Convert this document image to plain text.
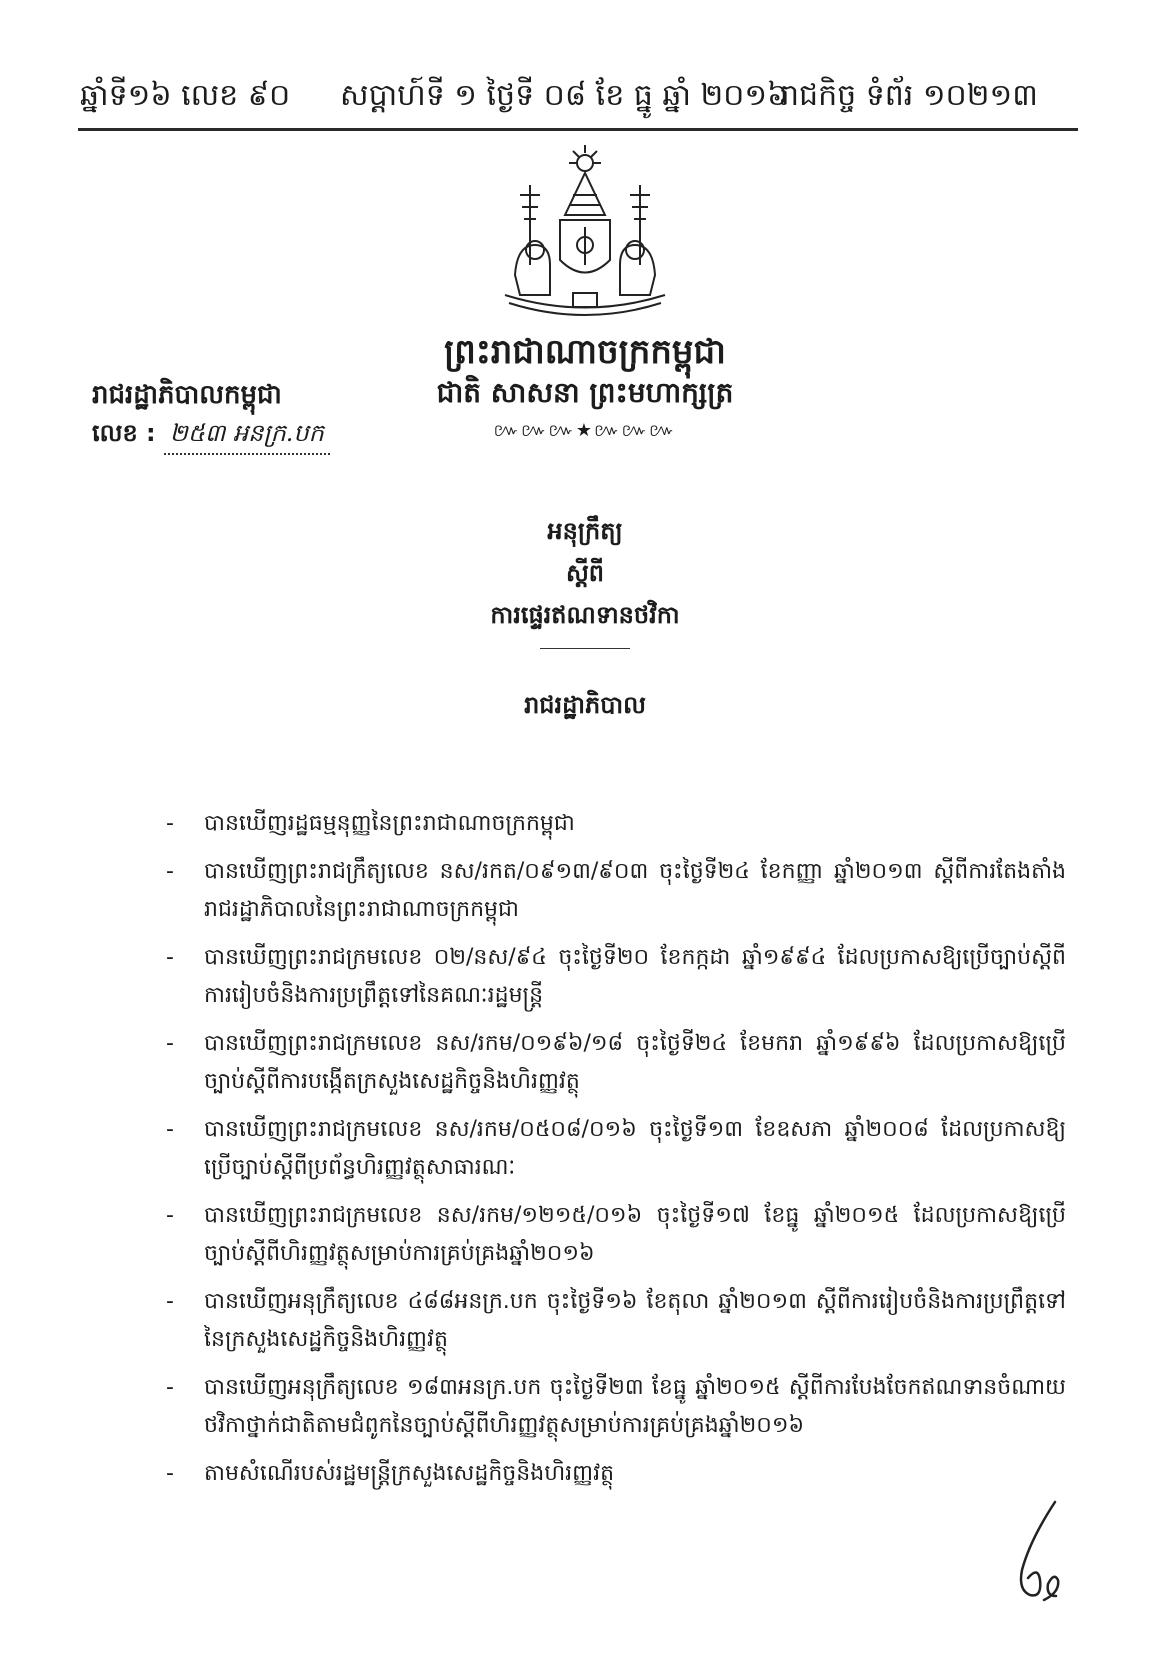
ឆ្នាំទី១៦ លេខ ៩០ សប្តាហ៍ទី ១ ថ្ងៃទី ០៨ ខែ ធ្នូ ឆ្នាំ ២០១៦
រាជកិច្ច ទំព័រ ១០២១៣
ព្រះរាជាណាចក្រកម្ពុជា
ជាតិ សាសនា ព្រះមហាក្សត្រ
៚៚៚★៚៚៚
រាជរដ្ឋាភិបាលកម្ពុជា
លេខ : ២៥៣ អនក្រ.បក
អនុក្រឹត្យ
ស្តីពី
ការផ្ទេរឥណទានថវិកា
រាជរដ្ឋាភិបាល
- បានឃើញរដ្ឋធម្មនុញ្ញនៃព្រះរាជាណាចក្រកម្ពុជា
- បានឃើញព្រះរាជក្រឹត្យលេខ នស/រកត/០៩១៣/៩០៣ ចុះថ្ងៃទី២៤ ខែកញ្ញា ឆ្នាំ២០១៣ ស្តីពីការតែងតាំងរាជរដ្ឋាភិបាលនៃព្រះរាជាណាចក្រកម្ពុជា
- បានឃើញព្រះរាជក្រមលេខ ០២/នស/៩៤ ចុះថ្ងៃទី២០ ខែកក្កដា ឆ្នាំ១៩៩៤ ដែលប្រកាសឱ្យប្រើច្បាប់ស្តីពីការរៀបចំនិងការប្រព្រឹត្តទៅនៃគណៈរដ្ឋមន្ត្រី
- បានឃើញព្រះរាជក្រមលេខ នស/រកម/០១៩៦/១៨ ចុះថ្ងៃទី២៤ ខែមករា ឆ្នាំ១៩៩៦ ដែលប្រកាសឱ្យប្រើច្បាប់ស្តីពីការបង្កើតក្រសួងសេដ្ឋកិច្ចនិងហិរញ្ញវត្ថុ
- បានឃើញព្រះរាជក្រមលេខ នស/រកម/០៥០៨/០១៦ ចុះថ្ងៃទី១៣ ខែឧសភា ឆ្នាំ២០០៨ ដែលប្រកាសឱ្យប្រើច្បាប់ស្តីពីប្រព័ន្ធហិរញ្ញវត្ថុសាធារណៈ
- បានឃើញព្រះរាជក្រមលេខ នស/រកម/១២១៥/០១៦ ចុះថ្ងៃទី១៧ ខែធ្នូ ឆ្នាំ២០១៥ ដែលប្រកាសឱ្យប្រើច្បាប់ស្តីពីហិរញ្ញវត្ថុសម្រាប់ការគ្រប់គ្រងឆ្នាំ២០១៦
- បានឃើញអនុក្រឹត្យលេខ ៤៨៨អនក្រ.បក ចុះថ្ងៃទី១៦ ខែតុលា ឆ្នាំ២០១៣ ស្តីពីការរៀបចំនិងការប្រព្រឹត្តទៅនៃក្រសួងសេដ្ឋកិច្ចនិងហិរញ្ញវត្ថុ
- បានឃើញអនុក្រឹត្យលេខ ១៨៣អនក្រ.បក ចុះថ្ងៃទី២៣ ខែធ្នូ ឆ្នាំ២០១៥ ស្តីពីការបែងចែកឥណទានចំណាយថវិកាថ្នាក់ជាតិតាមជំពូកនៃច្បាប់ស្តីពីហិរញ្ញវត្ថុសម្រាប់ការគ្រប់គ្រងឆ្នាំ២០១៦
- តាមសំណើរបស់រដ្ឋមន្ត្រីក្រសួងសេដ្ឋកិច្ចនិងហិរញ្ញវត្ថុ
